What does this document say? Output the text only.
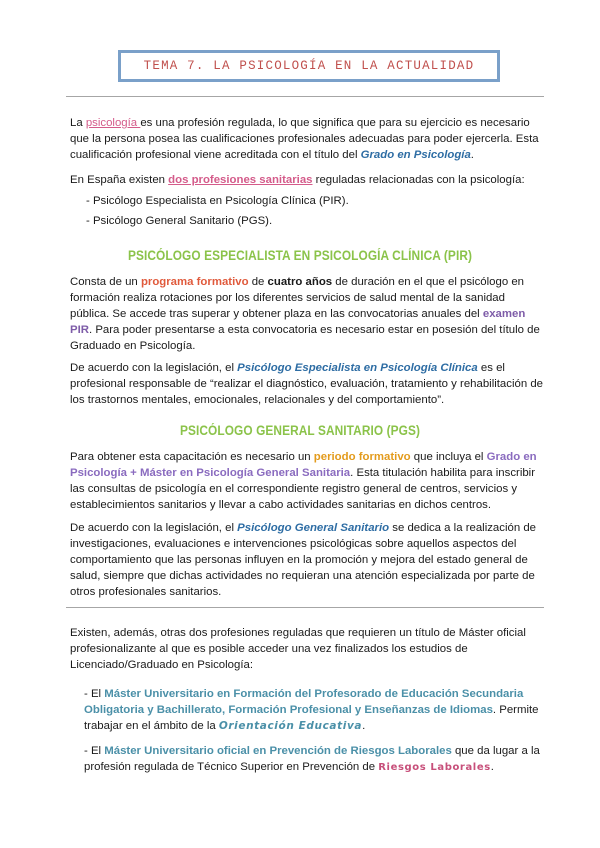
TEMA 7. LA PSICOLOGÍA EN LA ACTUALIDAD

La psicología es una profesión regulada, lo que significa que para su ejercicio es necesario que la persona posea las cualificaciones profesionales adecuadas para poder ejercerla. Esta cualificación profesional viene acreditada con el título del Grado en Psicología.

En España existen dos profesiones sanitarias reguladas relacionadas con la psicología:

- Psicólogo Especialista en Psicología Clínica (PIR).
- Psicólogo General Sanitario (PGS).
PSICÓLOGO ESPECIALISTA EN PSICOLOGÍA CLÍNICA (PIR)

Consta de un programa formativo de cuatro años de duración en el que el psicólogo en formación realiza rotaciones por los diferentes servicios de salud mental de la sanidad pública. Se accede tras superar y obtener plaza en las convocatorias anuales del examen PIR. Para poder presentarse a esta convocatoria es necesario estar en posesión del título de Graduado en Psicología.

De acuerdo con la legislación, el Psicólogo Especialista en Psicología Clínica es el profesional responsable de “realizar el diagnóstico, evaluación, tratamiento y rehabilitación de los trastornos mentales, emocionales, relacionales y del comportamiento”.

PSICÓLOGO GENERAL SANITARIO (PGS)

Para obtener esta capacitación es necesario un periodo formativo que incluya el Grado en Psicología + Máster en Psicología General Sanitaria. Esta titulación habilita para inscribir las consultas de psicología en el correspondiente registro general de centros, servicios y establecimientos sanitarios y llevar a cabo actividades sanitarias en dichos centros.

De acuerdo con la legislación, el Psicólogo General Sanitario se dedica a la realización de investigaciones, evaluaciones e intervenciones psicológicas sobre aquellos aspectos del comportamiento que las personas influyen en la promoción y mejora del estado general de salud, siempre que dichas actividades no requieran una atención especializada por parte de otros profesionales sanitarios.

Existen, además, otras dos profesiones reguladas que requieren un título de Máster oficial profesionalizante al que es posible acceder una vez finalizados los estudios de Licenciado/Graduado en Psicología:

- El Máster Universitario en Formación del Profesorado de Educación Secundaria Obligatoria y Bachillerato, Formación Profesional y Enseñanzas de Idiomas. Permite trabajar en el ámbito de la Orientación Educativa.

- El Máster Universitario oficial en Prevención de Riesgos Laborales que da lugar a la profesión regulada de Técnico Superior en Prevención de Riesgos Laborales.
